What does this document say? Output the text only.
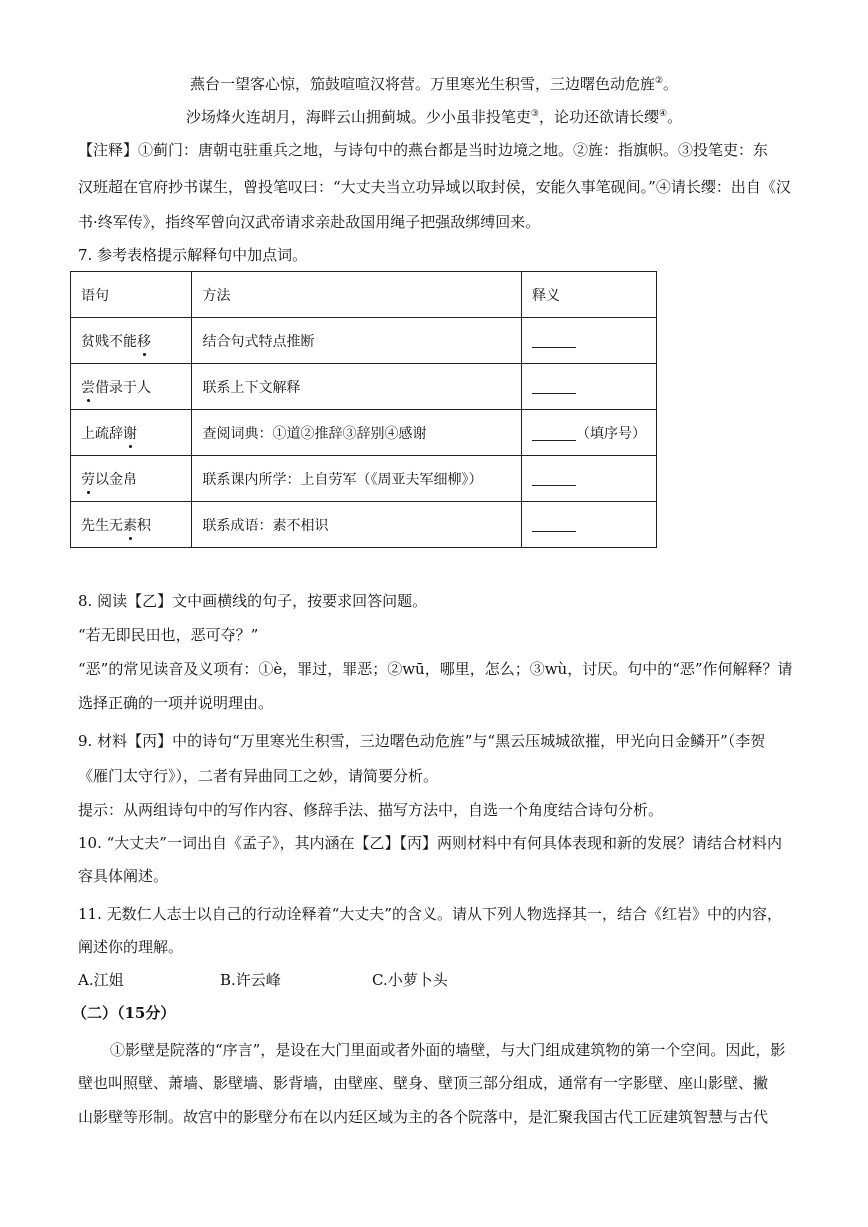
燕台一望客心惊，笳鼓喧喧汉将营。万里寒光生积雪，三边曙色动危旌②。
沙场烽火连胡月，海畔云山拥蓟城。少小虽非投笔吏③，论功还欲请长缨④。
【注释】①蓟门：唐朝屯驻重兵之地，与诗句中的燕台都是当时边境之地。②旌：指旗帜。③投笔吏：东
汉班超在官府抄书谋生，曾投笔叹曰：“大丈夫当立功异域以取封侯，安能久事笔砚间。”④请长缨：出自《汉
书·终军传》，指终军曾向汉武帝请求亲赴敌国用绳子把强敌绑缚回来。
7. 参考表格提示解释句中加点词。
语句	方法	释义
贫贱不能移	结合句式特点推断	
尝借录于人	联系上下文解释	
上疏辞谢	查阅词典：①道②推辞③辞别④感谢	（填序号）
劳以金帛	联系课内所学：上自劳军（《周亚夫军细柳》）	
先生无素积	联系成语：素不相识	
8. 阅读【乙】文中画横线的句子，按要求回答问题。
“若无即民田也，恶可夺？”
“恶”的常见读音及义项有：①è，罪过，罪恶；②wū，哪里，怎么；③wù，讨厌。句中的“恶”作何解释？请
选择正确的一项并说明理由。
9. 材料【丙】中的诗句“万里寒光生积雪，三边曙色动危旌”与“黑云压城城欲摧，甲光向日金鳞开”（李贺
《雁门太守行》），二者有异曲同工之妙，请简要分析。
提示：从两组诗句中的写作内容、修辞手法、描写方法中，自选一个角度结合诗句分析。
10. “大丈夫”一词出自《孟子》，其内涵在【乙】【丙】两则材料中有何具体表现和新的发展？请结合材料内
容具体阐述。
11. 无数仁人志士以自己的行动诠释着“大丈夫”的含义。请从下列人物选择其一，结合《红岩》中的内容，
阐述你的理解。
A.江姐	B.许云峰	C.小萝卜头
（二）（15分）
①影壁是院落的“序言”，是设在大门里面或者外面的墙壁，与大门组成建筑物的第一个空间。因此，影
壁也叫照壁、萧墙、影壁墙、影背墙，由壁座、壁身、壁顶三部分组成，通常有一字影壁、座山影壁、撇
山影壁等形制。故宫中的影壁分布在以内廷区域为主的各个院落中，是汇聚我国古代工匠建筑智慧与古代
